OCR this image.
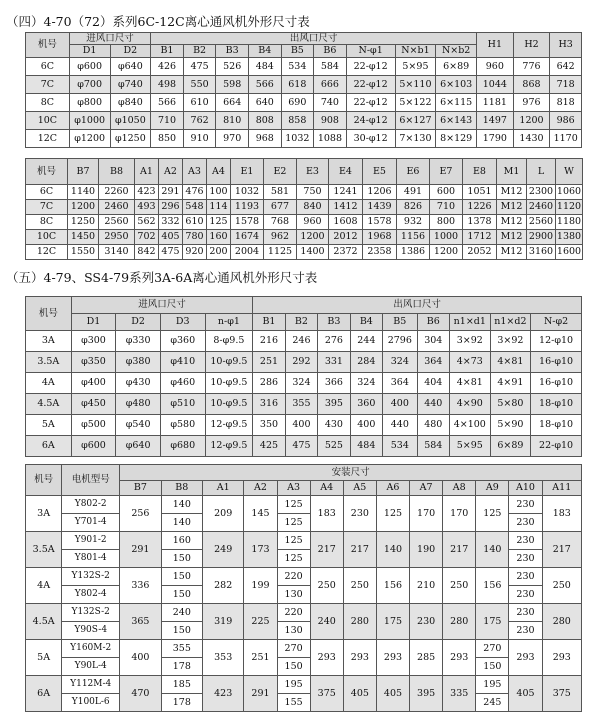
（四）4-70（72）系列6C-12C离心通风机外形尺寸表
机号	进风口尺寸		出风口尺寸									H1	H2	H3
	D1	D2	B1	B2	B3	B4	B5	B6	N-φ1	N×b1	N×b2			
6C	φ600	φ640	426	475	526	484	534	584	22-φ12	5×95	6×89	960	776	642
7C	φ700	φ740	498	550	598	566	618	666	22-φ12	5×110	6×103	1044	868	718
8C	φ800	φ840	566	610	664	640	690	740	22-φ12	5×122	6×115	1181	976	818
10C	φ1000	φ1050	710	762	810	808	858	908	24-φ12	6×127	6×143	1497	1200	986
12C	φ1200	φ1250	850	910	970	968	1032	1088	30-φ12	7×130	8×129	1790	1430	1170
机号	B7	B8	A1	A2	A3	A4	E1	E2	E3	E4	E5	E6	E7	E8	M1	L	W
6C	1140	2260	423	291	476	100	1032	581	750	1241	1206	491	600	1051	M12	2300	1060
7C	1200	2460	493	296	548	114	1193	677	840	1412	1439	826	710	1226	M12	2460	1120
8C	1250	2560	562	332	610	125	1578	768	960	1608	1578	932	800	1378	M12	2560	1180
10C	1450	2950	702	405	780	160	1674	962	1200	2012	1968	1156	1000	1712	M12	2900	1380
12C	1550	3140	842	475	920	200	2004	1125	1400	2372	2358	1386	1200	2052	M12	3160	1600
（五）4-79、SS4-79系列3A-6A离心通风机外形尺寸表
机号	进风口尺寸				出风口尺寸								
	D1	D2	D3	n-φ1	B1	B2	B3	B4	B5	B6	n1×d1	n1×d2	N-φ2
3A	φ300	φ330	φ360	8-φ9.5	216	246	276	244	2796	304	3×92	3×92	12-φ10
3.5A	φ350	φ380	φ410	10-φ9.5	251	292	331	284	324	364	4×73	4×81	16-φ10
4A	φ400	φ430	φ460	10-φ9.5	286	324	366	324	364	404	4×81	4×91	16-φ10
4.5A	φ450	φ480	φ510	10-φ9.5	316	355	395	360	400	440	4×90	5×80	18-φ10
5A	φ500	φ540	φ580	12-φ9.5	350	400	430	400	440	480	4×100	5×90	18-φ10
6A	φ600	φ640	φ680	12-φ9.5	425	475	525	484	534	584	5×95	6×89	22-φ10
机号	电机型号	安装尺寸												
		B7	B8	A1	A2	A3	A4	A5	A6	A7	A8	A9	A10	A11
3A	Y802-2	256	140	209	145	125	183	230	125	170	170	125	230	183
	Y701-4		140			125							230	
3.5A	Y901-2	291	160	249	173	125	217	217	140	190	217	140	230	217
	Y801-4		150			125							230	
4A	Y132S-2	336	150	282	199	220	250	250	156	210	250	156	230	250
	Y802-4		150			130							230	
4.5A	Y132S-2	365	240	319	225	220	240	280	175	230	280	175	230	280
	Y90S-4		150			130							230	
5A	Y160M-2	400	355	353	251	270	293	293	293	285	293	270	293	293
	Y90L-4		178			150						150		
6A	Y112M-4	470	185	423	291	195	375	405	405	395	335	195	405	375
	Y100L-6		178			155						245		
